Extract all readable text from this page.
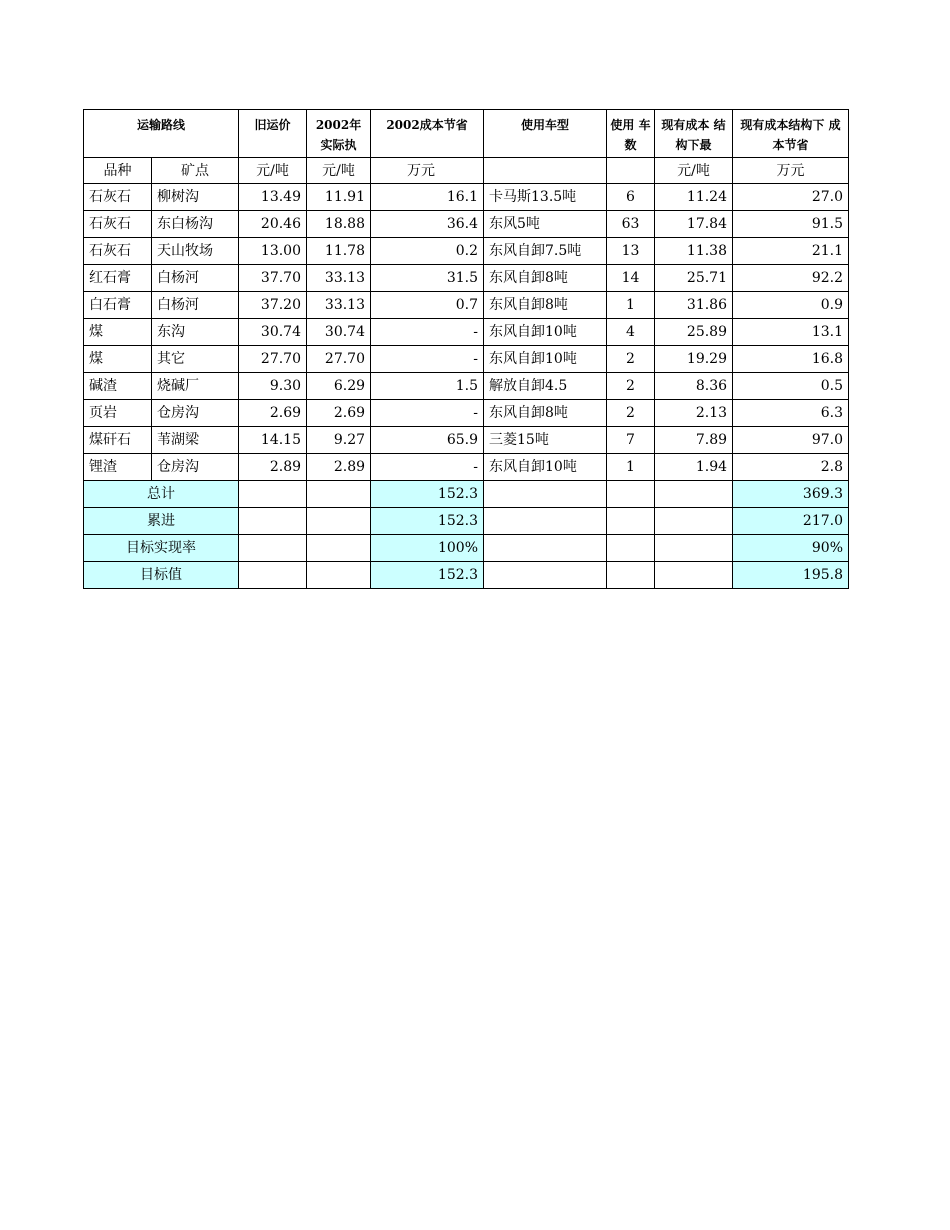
运输路线		旧运价	2002年 实际执	2002成本节省	使用车型	使用 车数	现有成本 结构下最	现有成本结构下 成本节省
品种	矿点	元/吨	元/吨	万元			元/吨	万元
石灰石	柳树沟	13.49	11.91	16.1	卡马斯13.5吨	6	11.24	27.0
石灰石	东白杨沟	20.46	18.88	36.4	东风5吨	63	17.84	91.5
石灰石	天山牧场	13.00	11.78	0.2	东风自卸7.5吨	13	11.38	21.1
红石膏	白杨河	37.70	33.13	31.5	东风自卸8吨	14	25.71	92.2
白石膏	白杨河	37.20	33.13	0.7	东风自卸8吨	1	31.86	0.9
煤	东沟	30.74	30.74	-	东风自卸10吨	4	25.89	13.1
煤	其它	27.70	27.70	-	东风自卸10吨	2	19.29	16.8
碱渣	烧碱厂	9.30	6.29	1.5	解放自卸4.5	2	8.36	0.5
页岩	仓房沟	2.69	2.69	-	东风自卸8吨	2	2.13	6.3
煤矸石	苇湖梁	14.15	9.27	65.9	三菱15吨	7	7.89	97.0
锂渣	仓房沟	2.89	2.89	-	东风自卸10吨	1	1.94	2.8
总计				152.3				369.3
累进				152.3				217.0
目标实现率				100%				90%
目标值				152.3				195.8
